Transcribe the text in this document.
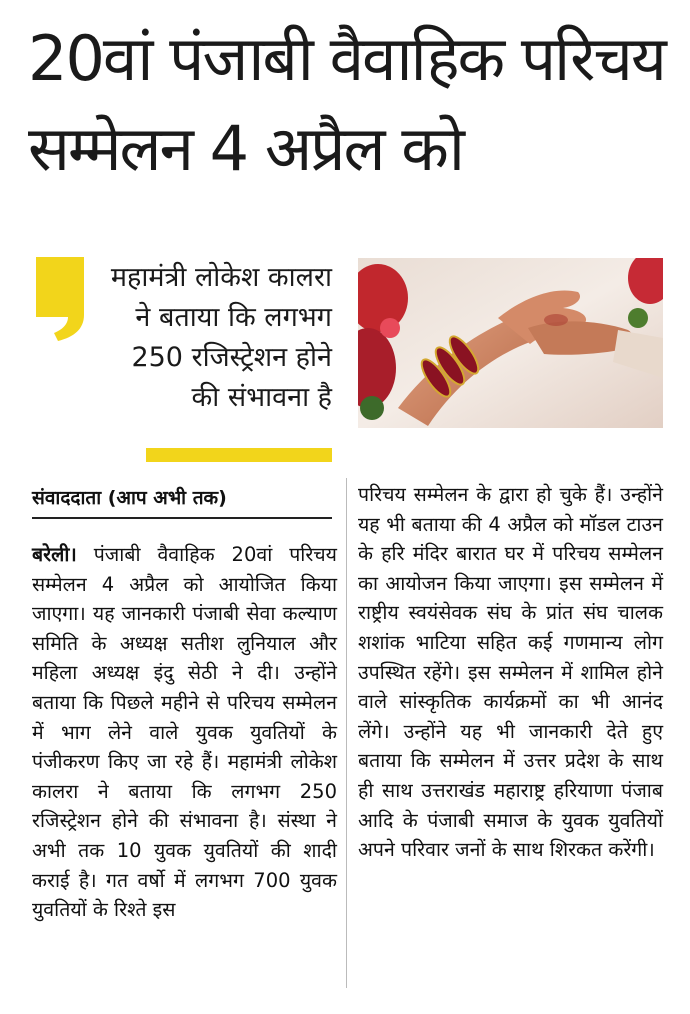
20वां पंजाबी वैवाहिक परिचय सम्मेलन 4 अप्रैल को
महामंत्री लोकेश कालरा ने बताया कि लगभग 250 रजिस्ट्रेशन होने की संभावना है
संवाददाता (आप अभी तक)
बरेली। पंजाबी वैवाहिक 20वां परिचय सम्मेलन 4 अप्रैल को आयोजित किया जाएगा। यह जानकारी पंजाबी सेवा कल्याण समिति के अध्यक्ष सतीश लुनियाल और महिला अध्यक्ष इंदु सेठी ने दी। उन्होंने बताया कि पिछले महीने से परिचय सम्मेलन में भाग लेने वाले युवक युवतियों के पंजीकरण किए जा रहे हैं। महामंत्री लोकेश कालरा ने बताया कि लगभग 250 रजिस्ट्रेशन होने की संभावना है। संस्था ने अभी तक 10 युवक युवतियों की शादी कराई है। गत वर्षो में लगभग 700 युवक युवतियों के रिश्ते इस
परिचय सम्मेलन के द्वारा हो चुके हैं। उन्होंने यह भी बताया की 4 अप्रैल को मॉडल टाउन के हरि मंदिर बारात घर में परिचय सम्मेलन का आयोजन किया जाएगा। इस सम्मेलन में राष्ट्रीय स्वयंसेवक संघ के प्रांत संघ चालक शशांक भाटिया सहित कई गणमान्य लोग उपस्थित रहेंगे। इस सम्मेलन में शामिल होने वाले सांस्कृतिक कार्यक्रमों का भी आनंद लेंगे। उन्होंने यह भी जानकारी देते हुए बताया कि सम्मेलन में उत्तर प्रदेश के साथ ही साथ उत्तराखंड महाराष्ट्र हरियाणा पंजाब आदि के पंजाबी समाज के युवक युवतियों अपने परिवार जनों के साथ शिरकत करेंगी।
